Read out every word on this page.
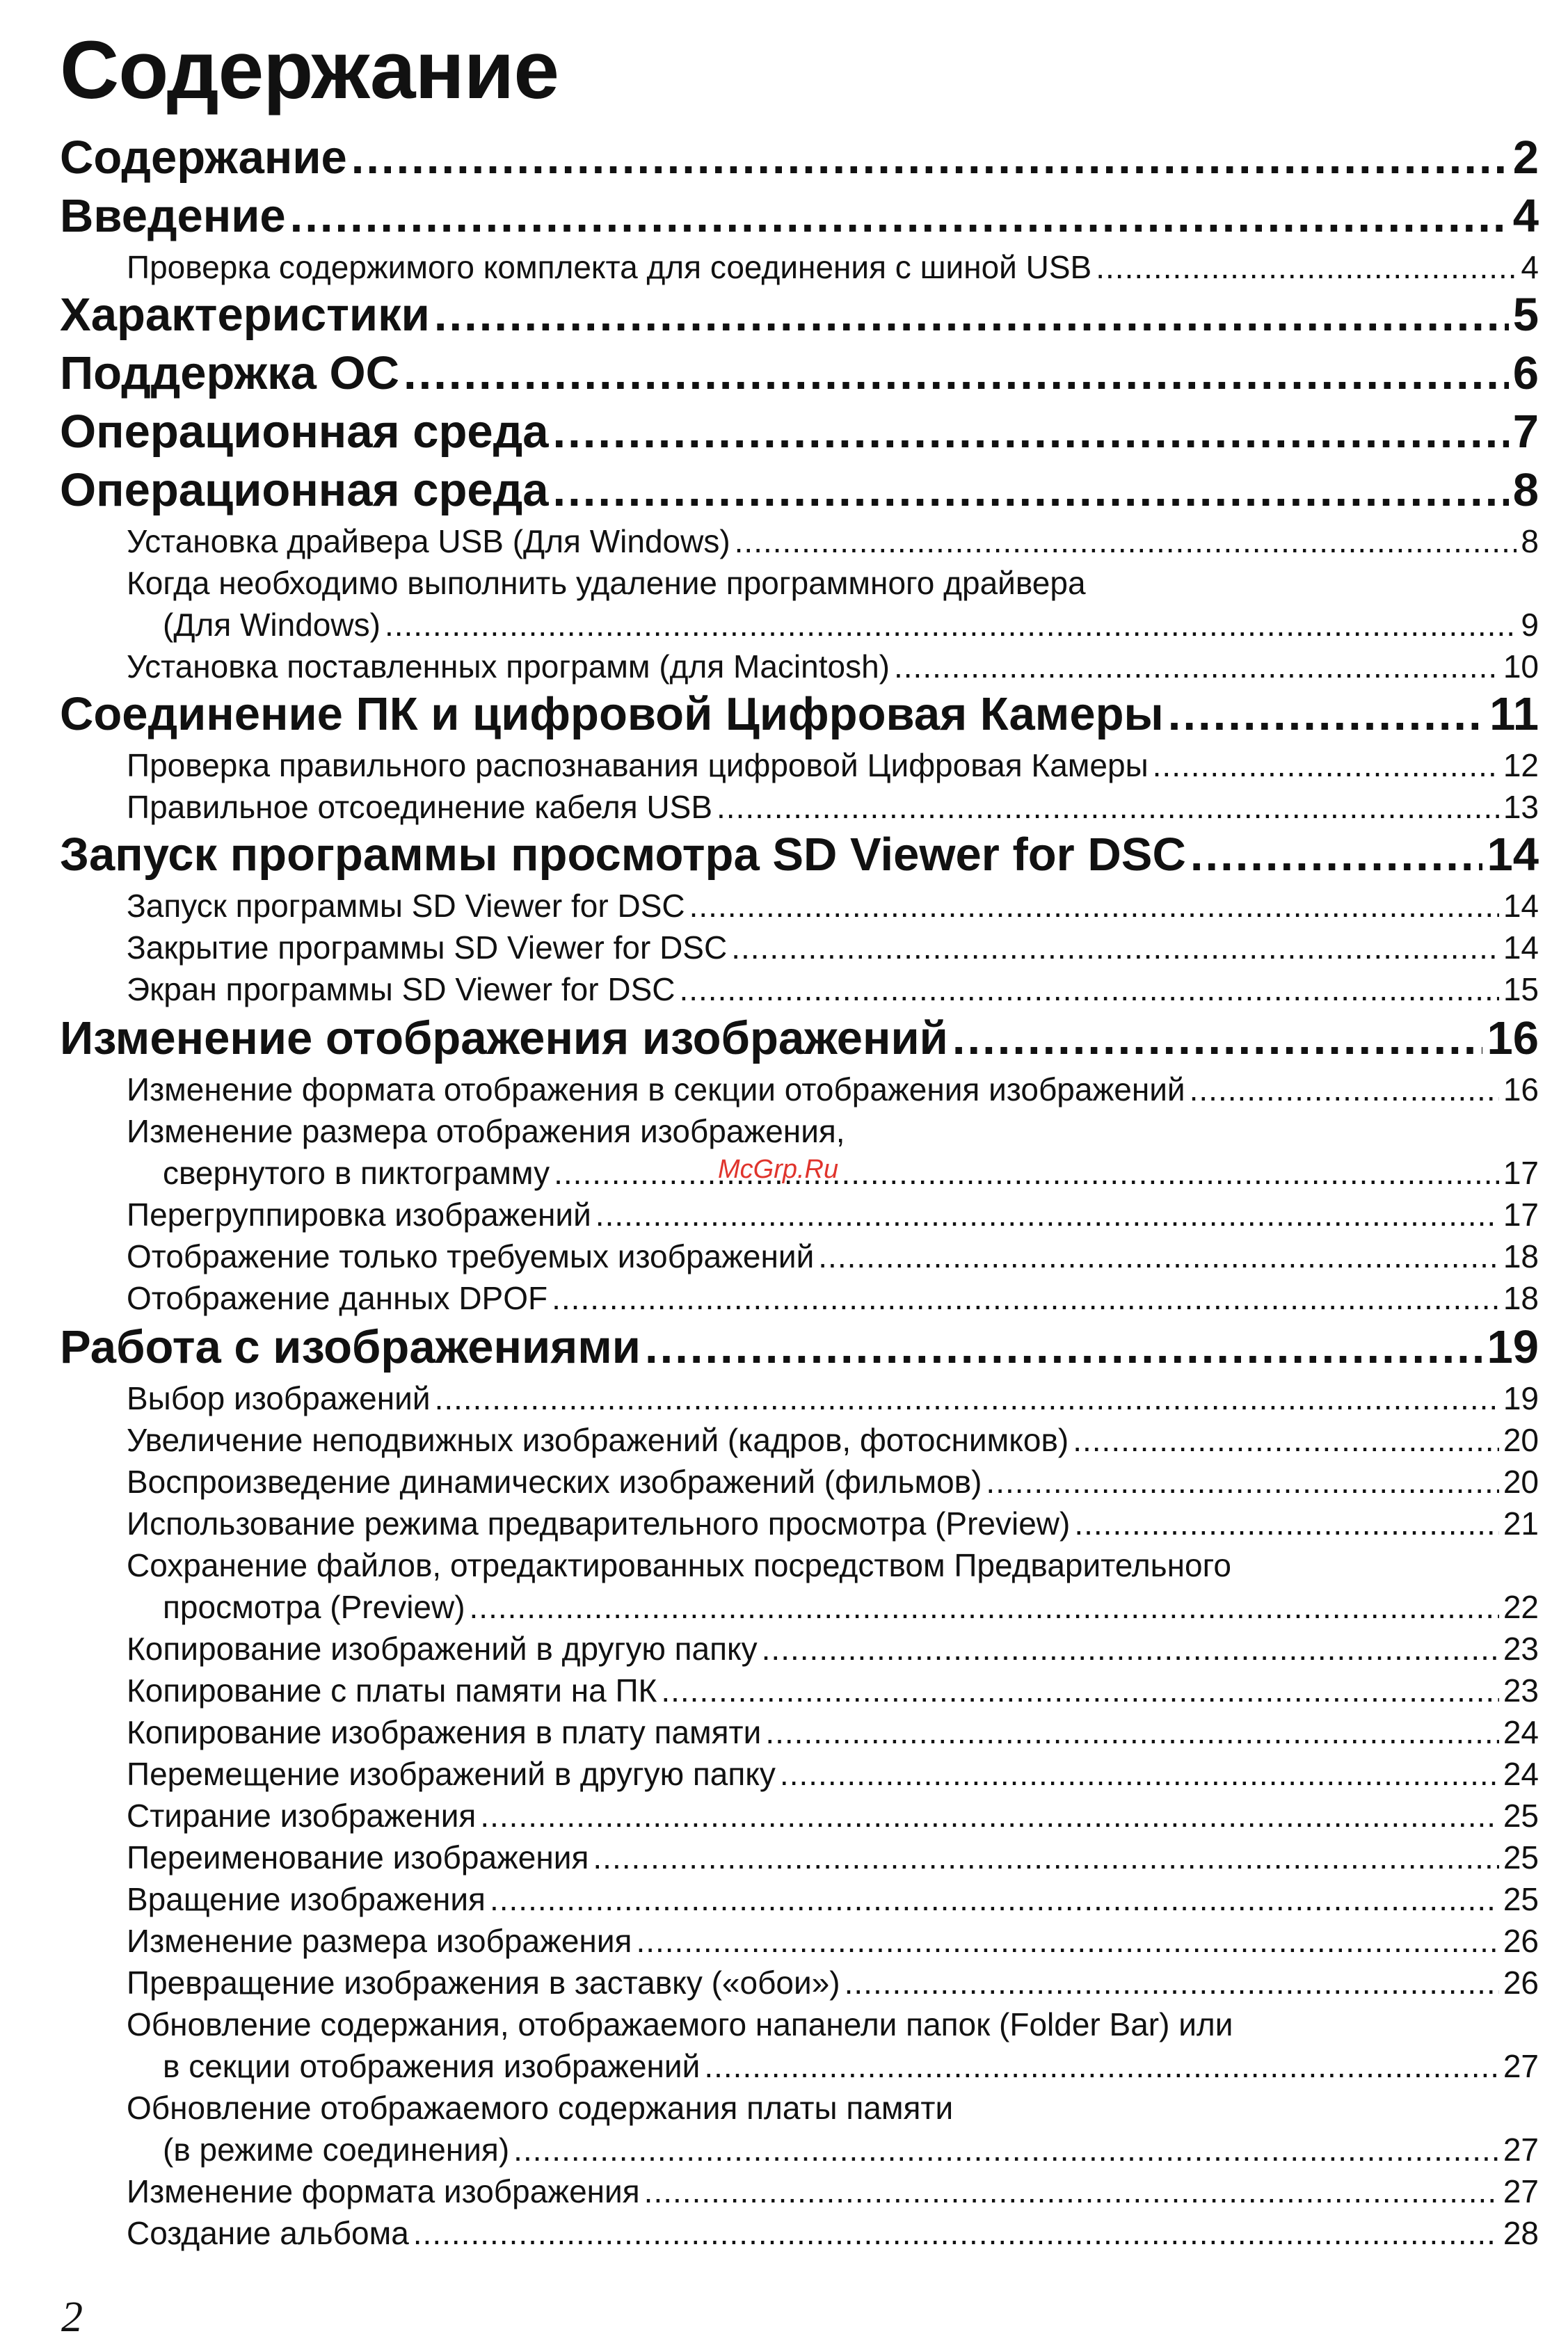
Содержание
Содержание .....	2
Введение .....	4
Проверка содержимого комплекта для соединения с шиной USB .....	4
Характеристики .....	5
Поддержка ОС .....	6
Операционная среда .....	7
Операционная среда .....	8
Установка драйвера USB (Для Windows) .....	8
Когда необходимо выполнить удаление программного драйвера
(Для Windows) .....	9
Установка поставленных программ (для Macintosh) .....	10
Соединение ПК и цифровой Цифровая Камеры .....	11
Проверка правильного распознавания цифровой Цифровая Камеры .....	12
Правильное отсоединение кабеля USB .....	13
Запуск программы просмотра SD Viewer for DSC .....	14
Запуск программы SD Viewer for DSC .....	14
Закрытие программы SD Viewer for DSC .....	14
Экран программы SD Viewer for DSC .....	15
Изменение отображения изображений .....	16
Изменение формата отображения в секции отображения изображений .....	16
Изменение размера отображения изображения,
свернутого в пиктограмму .....	17
Перегруппировка изображений .....	17
Отображение только требуемых изображений .....	18
Отображение данных DPOF .....	18
Работа с изображениями .....	19
Выбор изображений .....	19
Увеличение неподвижных изображений (кадров, фотоснимков) .....	20
Воспроизведение динамических изображений (фильмов) .....	20
Использование режима предварительного просмотра (Preview) .....	21
Сохранение файлов, отредактированных посредством Предварительного
просмотра (Preview) .....	22
Копирование изображений в другую папку .....	23
Копирование с платы памяти на ПК .....	23
Копирование изображения в плату памяти .....	24
Перемещение изображений в другую папку .....	24
Стирание изображения .....	25
Переименование изображения .....	25
Вращение изображения .....	25
Изменение размера изображения .....	26
Превращение изображения в заставку («обои») .....	26
Обновление содержания, отображаемого напанели папок (Folder Bar) или
в секции отображения изображений .....	27
Обновление отображаемого содержания платы памяти
(в режиме соединения) .....	27
Изменение формата изображения .....	27
Создание альбома .....	28
McGrp.Ru
2
